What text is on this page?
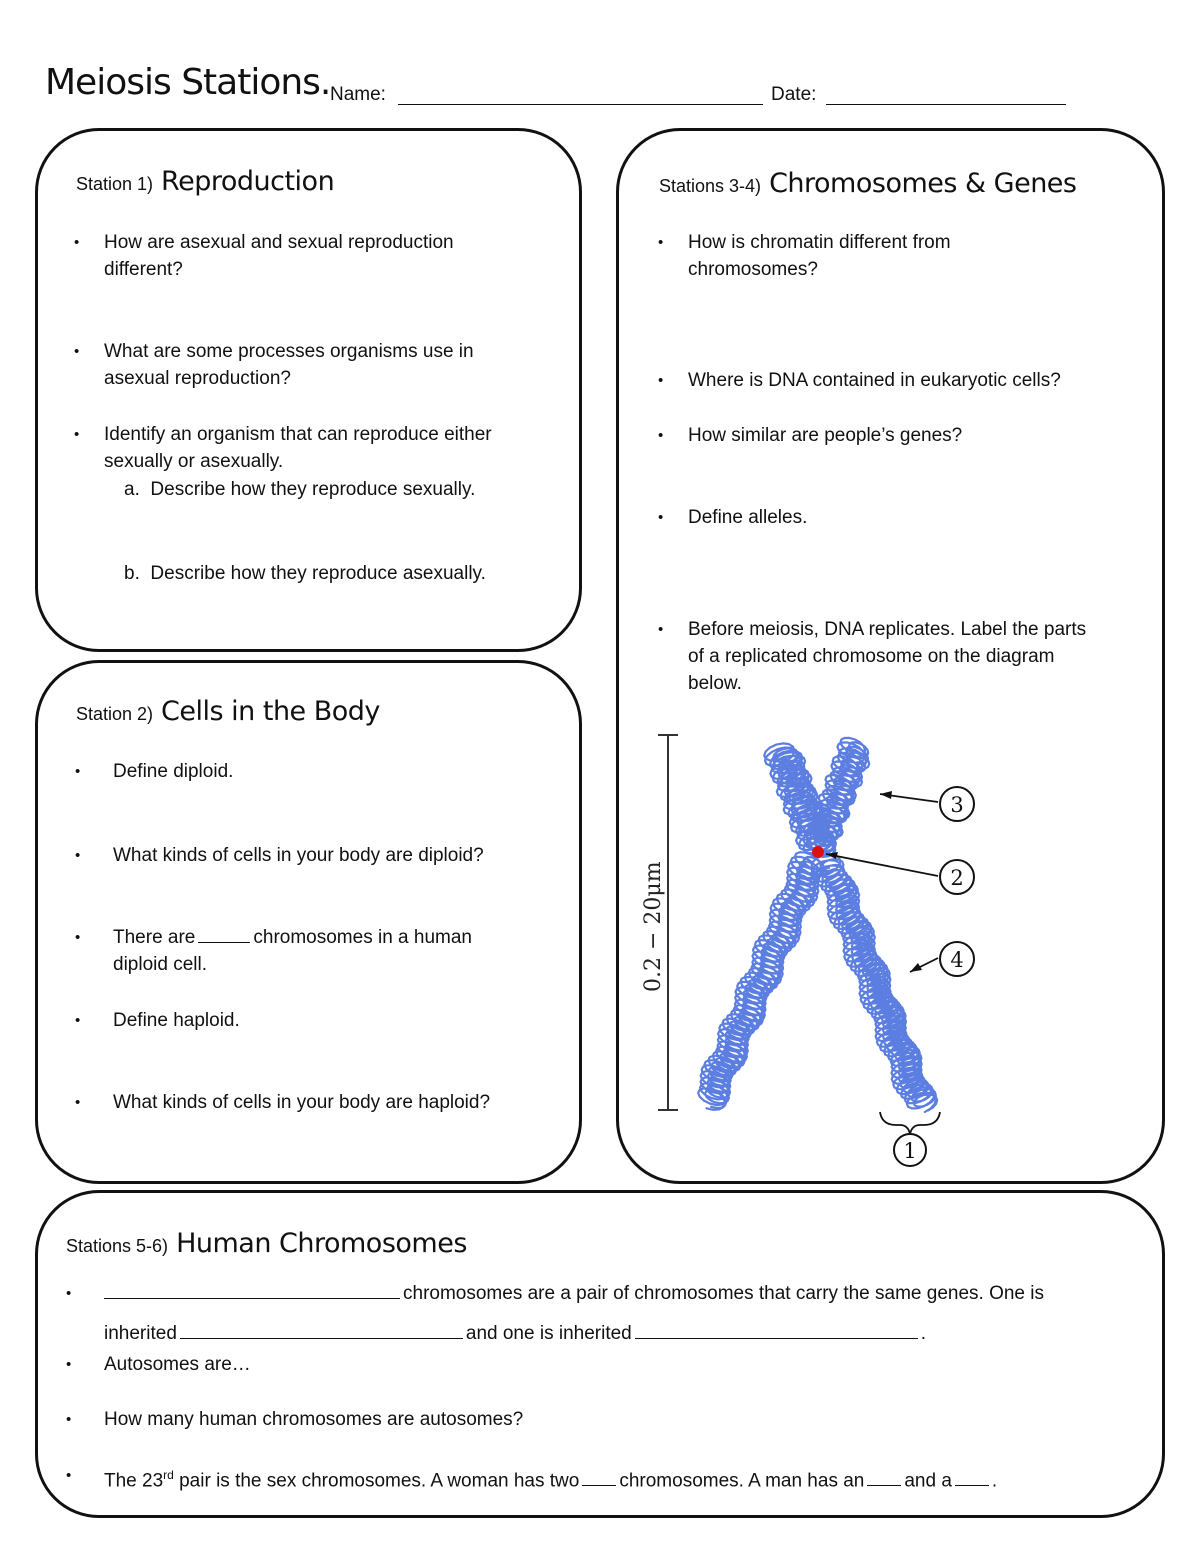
Meiosis Stations. Name:	Date:
Station 1) Reproduction
• How are asexual and sexual reproduction different?
• What are some processes organisms use in asexual reproduction?
• Identify an organism that can reproduce either sexually or asexually.
a. Describe how they reproduce sexually.
b. Describe how they reproduce asexually.
Station 2) Cells in the Body
• Define diploid.
• What kinds of cells in your body are diploid?
• There are	chromosomes in a human diploid cell.
• Define haploid.
• What kinds of cells in your body are haploid?
Stations 3-4) Chromosomes & Genes
• How is chromatin different from chromosomes?
• Where is DNA contained in eukaryotic cells?
• How similar are people’s genes?
• Define alleles.
• Before meiosis, DNA replicates. Label the parts of a replicated chromosome on the diagram below.
0.2 − 20μm
3
2
4
1
Stations 5-6) Human Chromosomes
•	chromosomes are a pair of chromosomes that carry the same genes. One is
inherited	and one is inherited	.
• Autosomes are…
• How many human chromosomes are autosomes?
• The 23rd pair is the sex chromosomes. A woman has two chromosomes. A man has an and a .
